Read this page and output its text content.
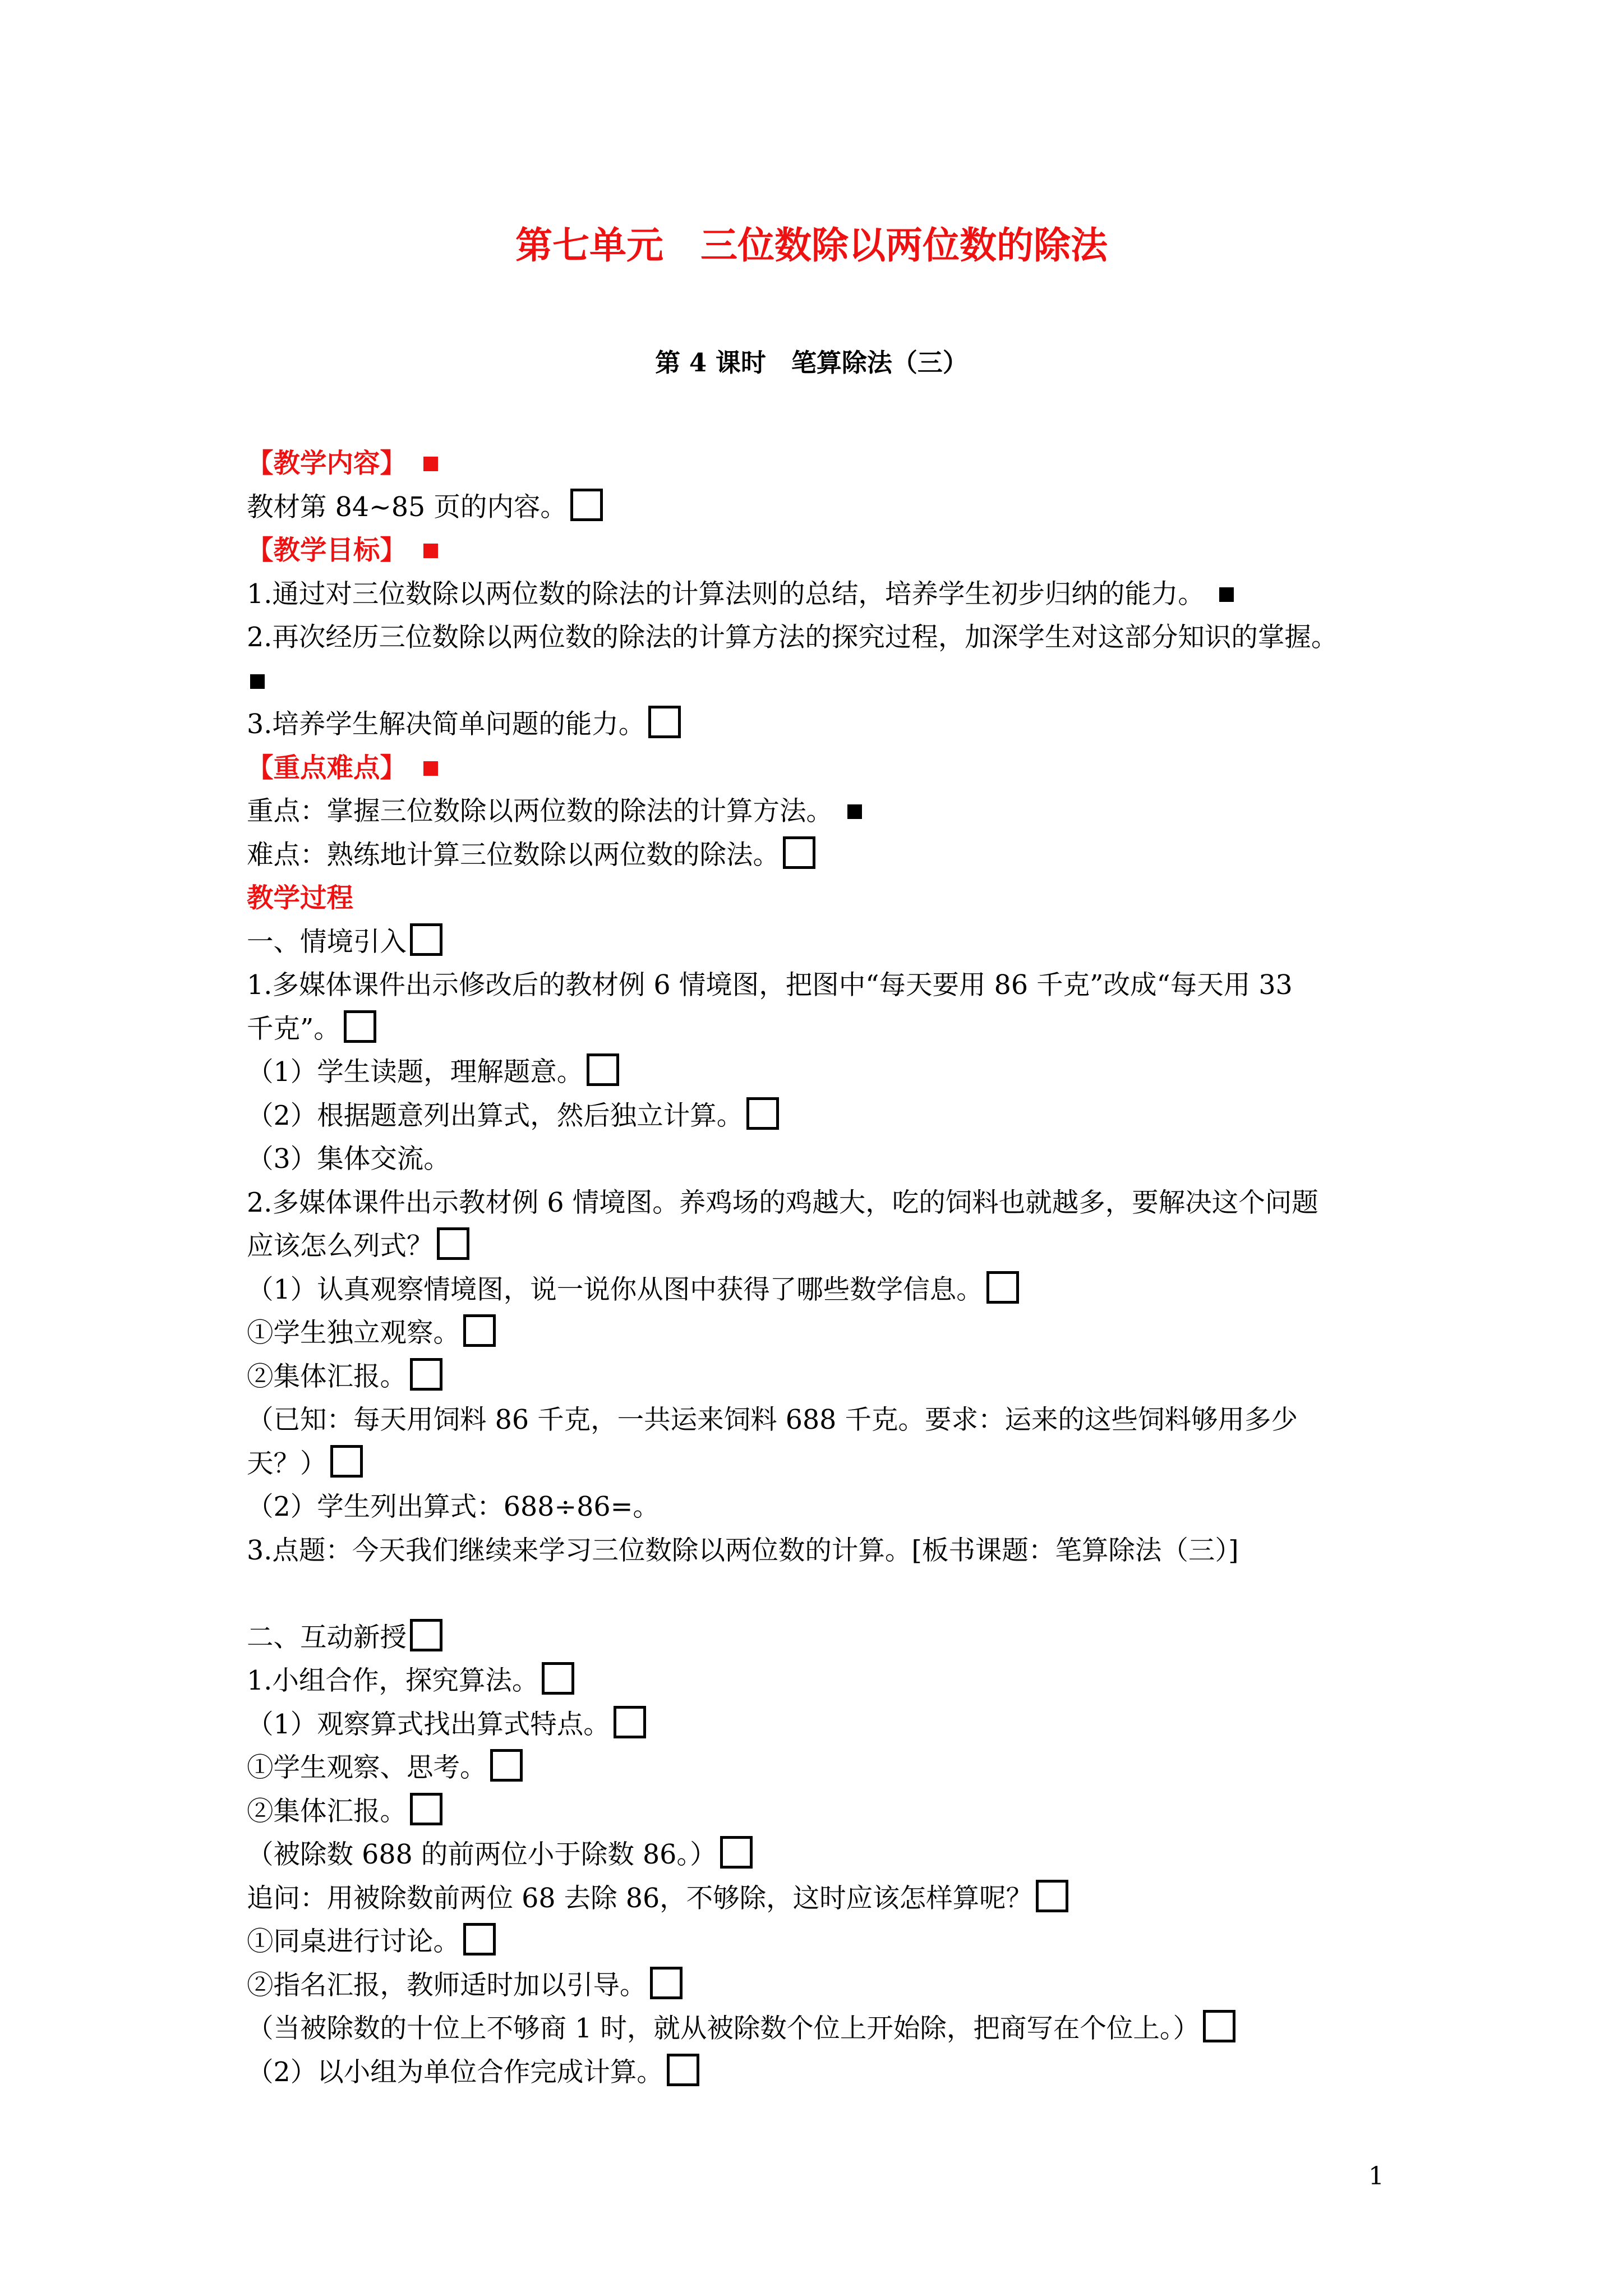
第七单元　三位数除以两位数的除法
第 4 课时　笔算除法（三）
【教学内容】
教材第 84~85 页的内容。
【教学目标】
1.通过对三位数除以两位数的除法的计算法则的总结，培养学生初步归纳的能力。
2.再次经历三位数除以两位数的除法的计算方法的探究过程，加深学生对这部分知识的掌握。
3.培养学生解决简单问题的能力。
【重点难点】
重点：掌握三位数除以两位数的除法的计算方法。
难点：熟练地计算三位数除以两位数的除法。
教学过程
一、情境引入
1.多媒体课件出示修改后的教材例 6 情境图，把图中“每天要用 86 千克”改成“每天用 33
千克”。
（1）学生读题，理解题意。
（2）根据题意列出算式，然后独立计算。
（3）集体交流。
2.多媒体课件出示教材例 6 情境图。养鸡场的鸡越大，吃的饲料也就越多，要解决这个问题
应该怎么列式？
（1）认真观察情境图，说一说你从图中获得了哪些数学信息。
①学生独立观察。
②集体汇报。
（已知：每天用饲料 86 千克，一共运来饲料 688 千克。要求：运来的这些饲料够用多少
天？）
（2）学生列出算式：688÷86=。
3.点题：今天我们继续来学习三位数除以两位数的计算。[板书课题：笔算除法（三）]
二、互动新授
1.小组合作，探究算法。
（1）观察算式找出算式特点。
①学生观察、思考。
②集体汇报。
（被除数 688 的前两位小于除数 86。）
追问：用被除数前两位 68 去除 86，不够除，这时应该怎样算呢？
①同桌进行讨论。
②指名汇报，教师适时加以引导。
（当被除数的十位上不够商 1 时，就从被除数个位上开始除，把商写在个位上。）
（2）以小组为单位合作完成计算。
1
